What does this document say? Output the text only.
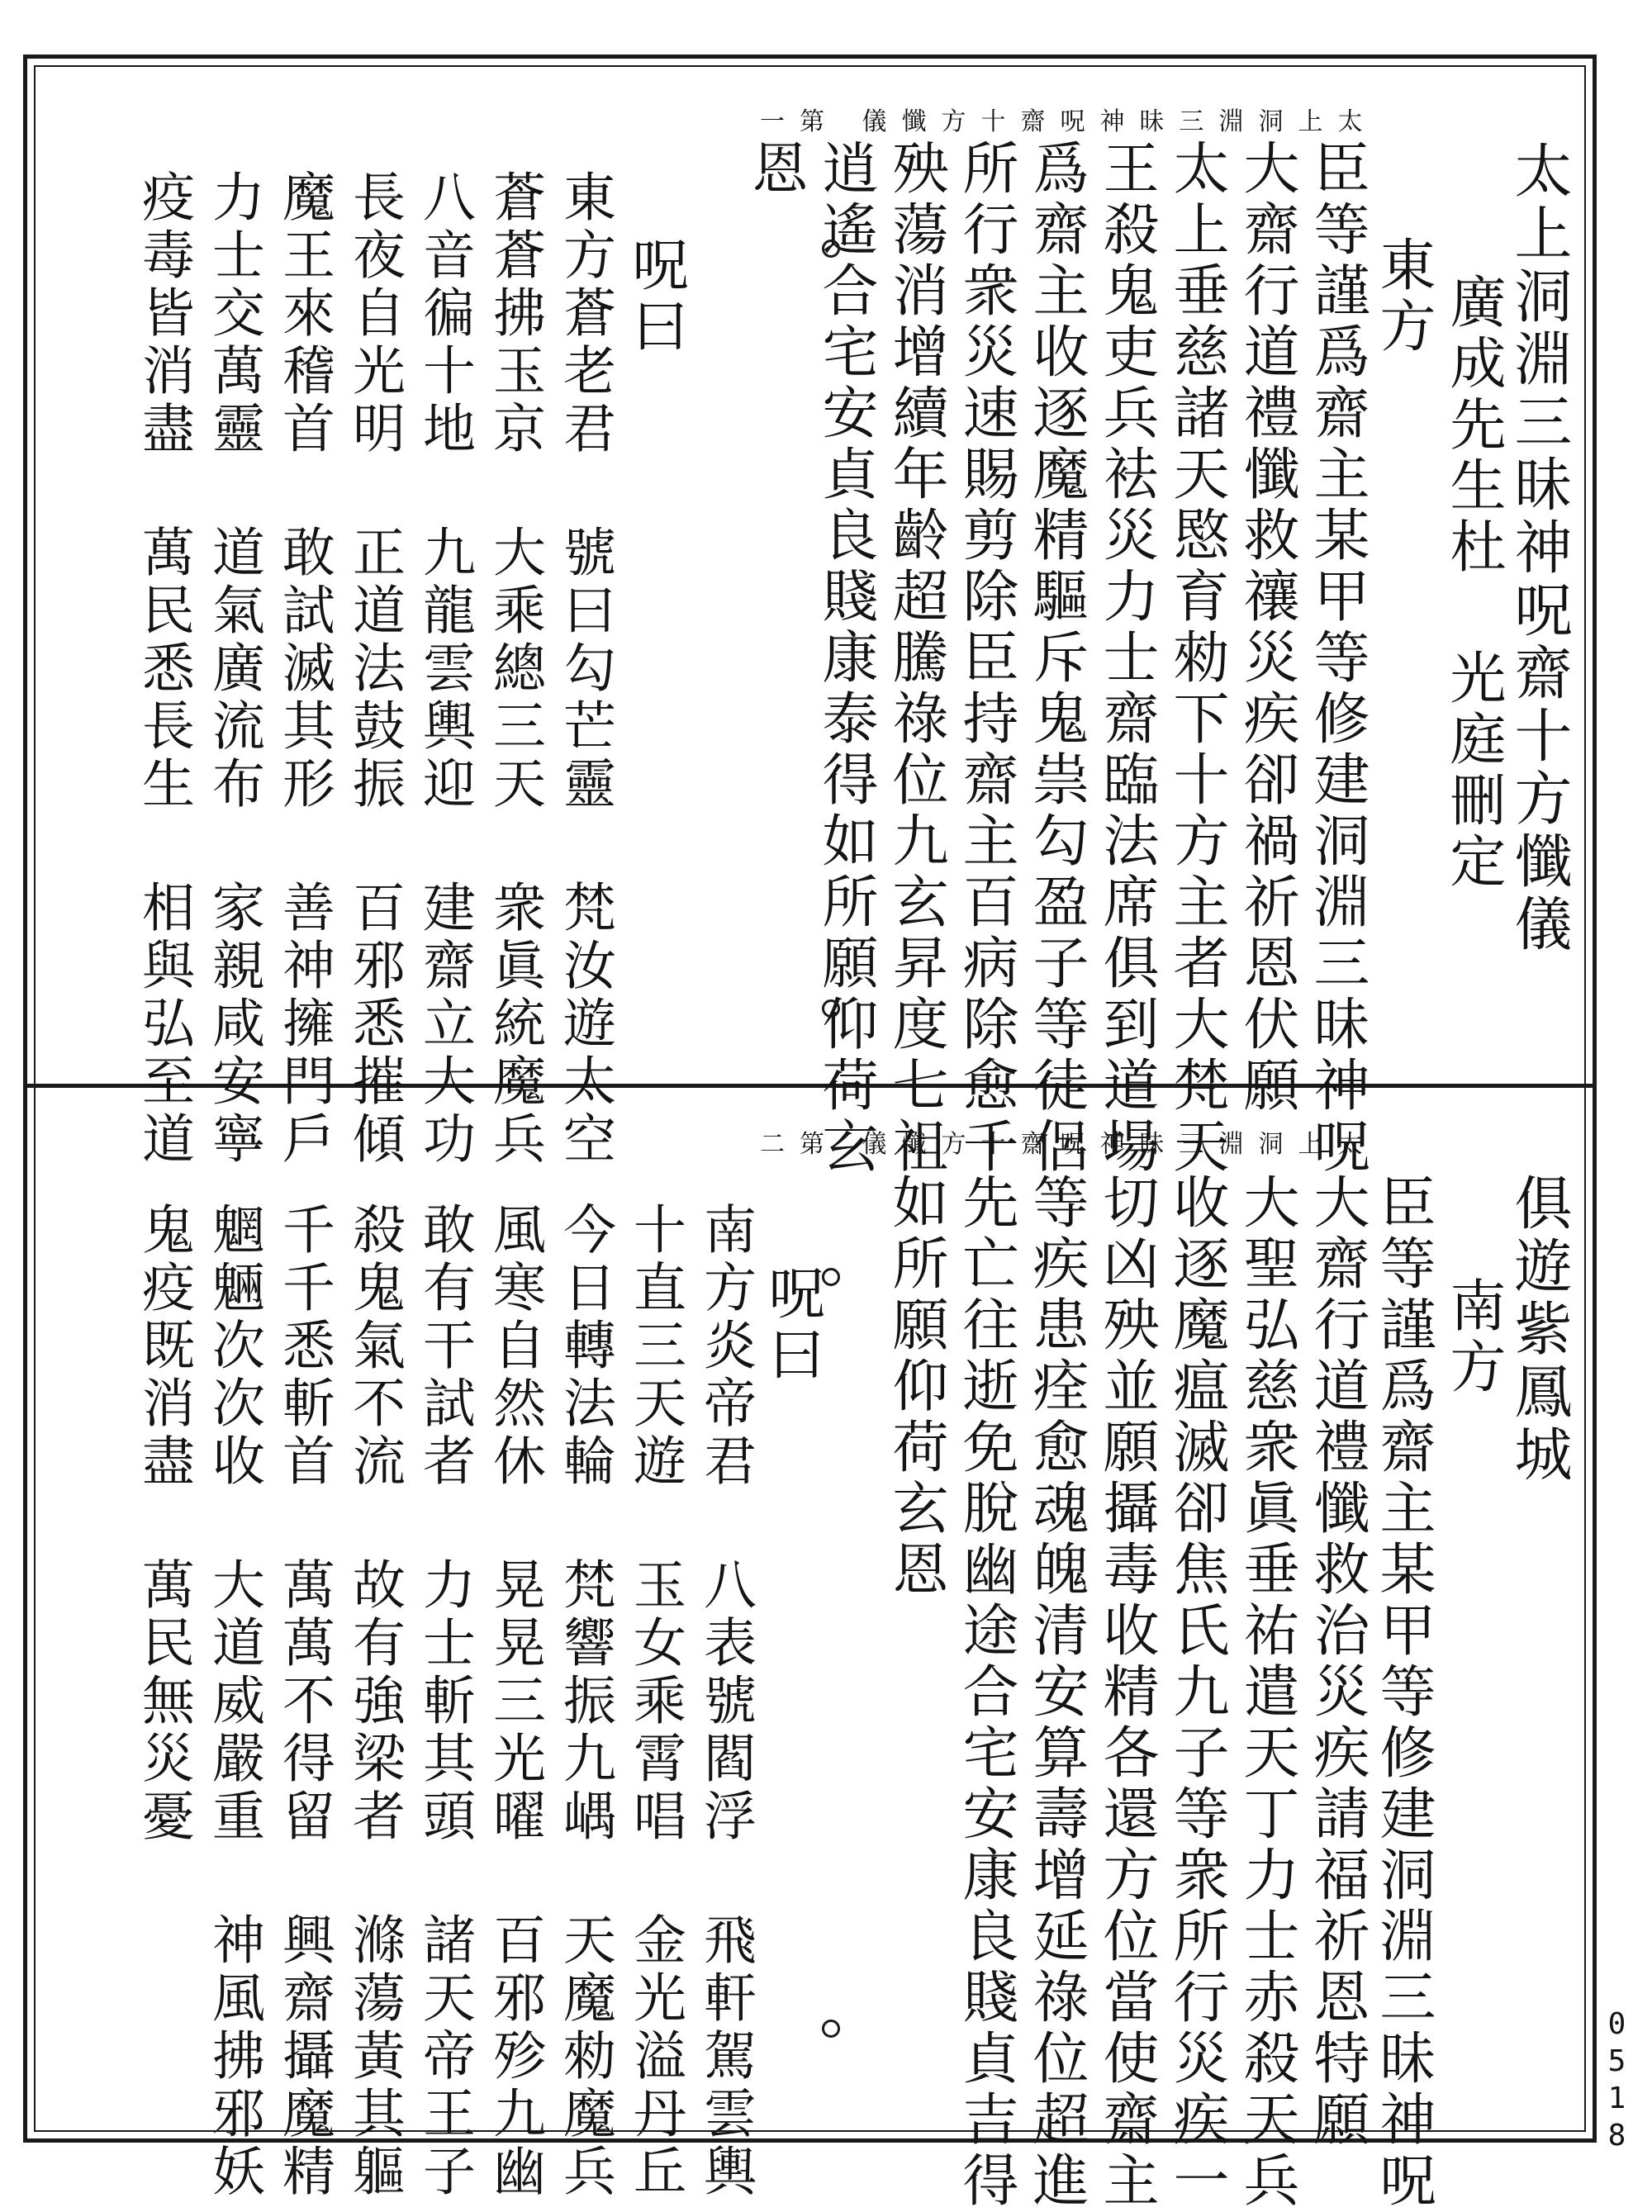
太上洞淵三昧神呪齋十方懺儀 第一
太上洞淵三昧神呪齋十方懺儀
廣成先生杜 光庭刪定
東方
臣等謹爲齋主某甲等修建洞淵三昧神呪
大齋行道禮懺救禳災疾卻禍祈恩伏願
太上垂慈諸天愍育勑下十方主者大梵天
王殺鬼吏兵袪災力士齋臨法席俱到道場
爲齋主收逐魔精驅斥鬼祟勾盈子等徒侶
所行衆災速賜剪除臣持齋主百病除愈千
殃蕩消增續年齡超騰祿位九玄昇度七祖
逍遙合宅安貞良賤康泰得如所願仰荷玄
恩
呪曰
東方蒼老君 號曰勾芒靈 梵汝遊太空
蒼蒼拂玉京 大乘總三天 衆眞統魔兵
八音徧十地 九龍雲輿迎 建齋立大功
長夜自光明 正道法鼓振 百邪悉摧傾
魔王來稽首 敢試滅其形 善神擁門戶
力士交萬靈 道氣廣流布 家親咸安寧
疫毒皆消盡 萬民悉長生 相與弘至道	太上洞淵三昧神呪齋十方懺儀 第二
俱遊紫鳳城
南方
臣等謹爲齋主某甲等修建洞淵三昧神呪
大齋行道禮懺救治災疾請福祈恩特願
大聖弘慈衆眞垂祐遣天丁力士赤殺天兵
收逐魔瘟滅卻焦氏九子等衆所行災疾一
切凶殃並願攝毒收精各還方位當使齋主
等疾患痊愈魂魄清安算壽增延祿位超進
先亡往逝免脫幽途合宅安康良賤貞吉得
如所願仰荷玄恩
呪曰
南方炎帝君 八表號閻浮 飛軒駕雲輿
十直三天遊 玉女乘霄唱 金光溢丹丘
今日轉法輪 梵響振九嵎 天魔勑魔兵
風寒自然休 晃晃三光曜 百邪殄九幽
敢有干試者 力士斬其頭 諸天帝王子
殺鬼氣不流 故有強梁者 滌蕩黃其軀
千千悉斬首 萬萬不得留 興齋攝魔精
魍魎次次收 大道威嚴重 神風拂邪妖
鬼疫既消盡 萬民無災憂
0518
